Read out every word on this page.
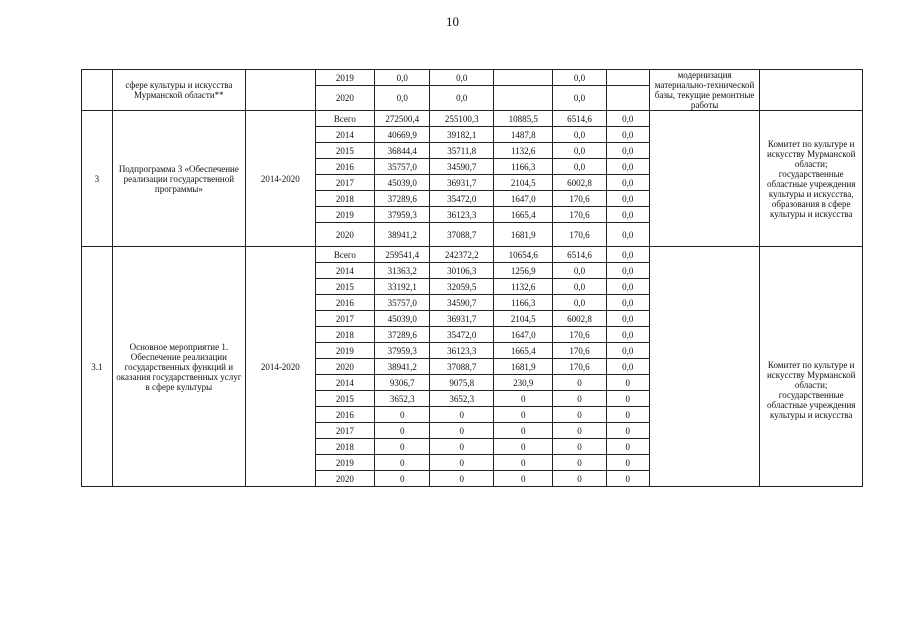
10
	сфере культуры и искусства Мурманской области**		2019	0,0	0,0		0,0		модернизация материально-технической базы, текущие ремонтные работы	
			2020	0,0	0,0		0,0			
3	Подпрограмма 3 «Обеспечение реализации государственной программы»	2014-2020	Всего	272500,4	255100,3	10885,5	6514,6	0,0		Комитет по культуре и искусству Мурманской области; государственные областные учреждения культуры и искусства, образования в сфере культуры и искусства
			2014	40669,9	39182,1	1487,8	0,0	0,0		
			2015	36844,4	35711,8	1132,6	0,0	0,0		
			2016	35757,0	34590,7	1166,3	0,0	0,0		
			2017	45039,0	36931,7	2104,5	6002,8	0,0		
			2018	37289,6	35472,0	1647,0	170,6	0,0		
			2019	37959,3	36123,3	1665,4	170,6	0,0		
			2020	38941,2	37088,7	1681,9	170,6	0,0		
3.1	Основное мероприятие 1. Обеспечение реализации государственных функций и оказания государственных услуг в сфере культуры	2014-2020	Всего	259541,4	242372,2	10654,6	6514,6	0,0		Комитет по культуре и искусству Мурманской области; государственные областные учреждения культуры и искусства
			2014	31363,2	30106,3	1256,9	0,0	0,0		
			2015	33192,1	32059,5	1132,6	0,0	0,0		
			2016	35757,0	34590,7	1166,3	0,0	0,0		
			2017	45039,0	36931,7	2104,5	6002,8	0,0		
			2018	37289,6	35472,0	1647,0	170,6	0,0		
			2019	37959,3	36123,3	1665,4	170,6	0,0		
			2020	38941,2	37088,7	1681,9	170,6	0,0		
			2014	9306,7	9075,8	230,9	0	0		
			2015	3652,3	3652,3	0	0	0		
			2016	0	0	0	0	0		
			2017	0	0	0	0	0		
			2018	0	0	0	0	0		
			2019	0	0	0	0	0		
			2020	0	0	0	0	0		
